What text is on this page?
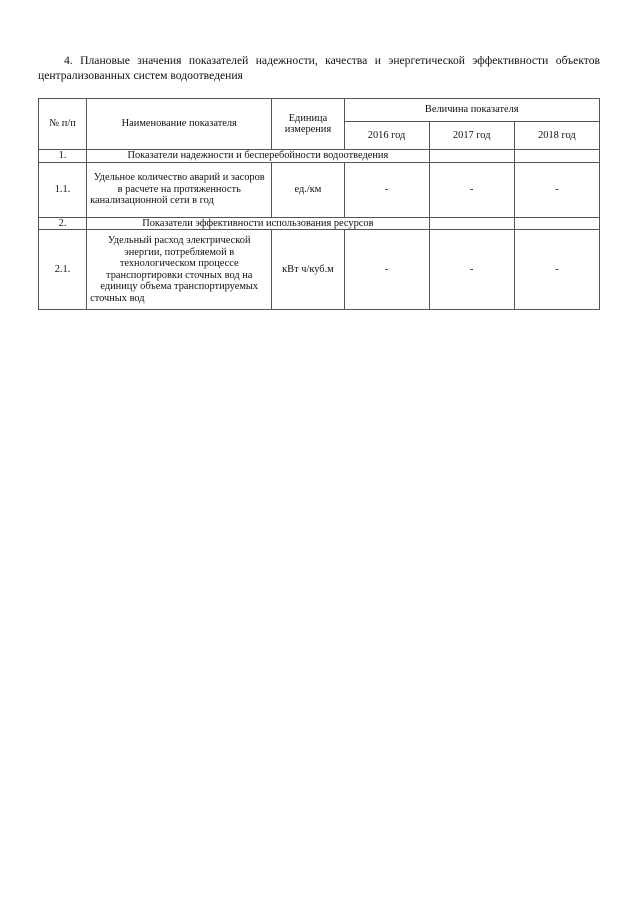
4. Плановые значения показателей надежности, качества и энергетической эффективности объектов централизованных систем водоотведения

№ п/п	Наименование показателя	Единица измерения	Величина показателя		
			2016 год	2017 год	2018 год
1.	Показатели надежности и бесперебойности водоотведения				
1.1.	Удельное количество аварий и засоров в расчете на протяженность канализационной сети в год	ед./км	-	-	-
2.	Показатели эффективности использования ресурсов				
2.1.	Удельный расход электрической энергии, потребляемой в технологическом процессе транспортировки сточных вод на единицу объема транспортируемых сточных вод	кВт ч/куб.м	-	-	-
